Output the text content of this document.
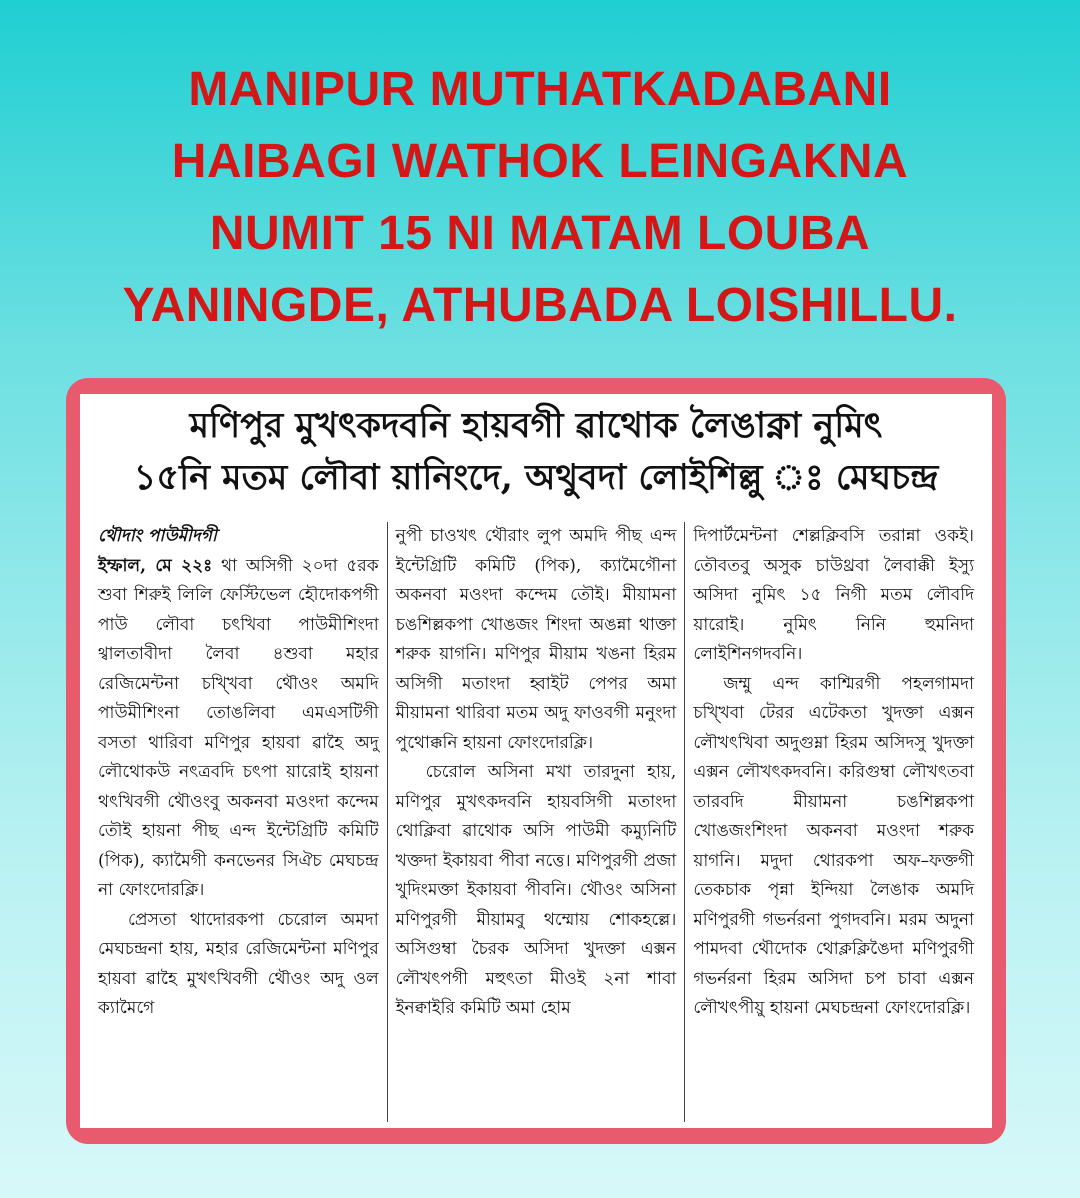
MANIPUR MUTHATKADABANI
HAIBAGI WATHOK LEINGAKNA
NUMIT 15 NI MATAM LOUBA
YANINGDE, ATHUBADA LOISHILLU.
মণিপুর মুখৎকদবনি হায়বগী ৱাথোক লৈঙাক্না নুমিৎ
১৫নি মতম লৌবা য়ানিংদে, অথুবদা লোইশিল্লু ঃ মেঘচন্দ্র
থৌদাং পাউমীদগী
ইম্ফাল, মে ২২ঃ থা অসিগী ২০দা ৫রক শুবা শিরুই লিলি ফেস্টিভেল হৌদোকপগী পাউ লৌবা চৎখিবা পাউমীশিংদা থ্বালতাবীদা লৈবা ৪শুবা মহার রেজিমেন্টনা চখ্খিবা থৌওং অমদি পাউমীশিংনা তোঙলিবা এমএসটিগী বসতা থারিবা মণিপুর হায়বা ৱাহৈ অদু লৌথোকউ নৎত্রবদি চৎপা য়ারোই হায়না থৎখিবগী থৌওংবু অকনবা মওংদা কন্দেম তৌই হায়না পীছ এন্দ ইন্টেগ্রিটি কমিটি (পিক), ক্যামৈগী কনভেনর সিঐচ মেঘচন্দ্র না ফোংদোরক্লি।
প্রেসতা থাদোরকপা চেরোল অমদা মেঘচন্দ্রনা হায়, মহার রেজিমেন্টনা মণিপুর হায়বা ৱাহৈ মুখৎখিবগী থৌওং অদু ওল ক্যামৈগে
নুপী চাওখৎ থৌরাং লুপ অমদি পীছ এন্দ ইন্টেগ্রিটি কমিটি (পিক), ক্যামৈগৌনা অকনবা মওংদা কন্দেম তৌই। মীয়ামনা চঙশিল্লকপা খোঙজং শিংদা অঙন্না থাক্তা শরুক য়াগনি। মণিপুর মীয়াম খঙনা হিরম অসিগী মতাংদা হ্বাইট পেপর অমা মীয়ামনা থারিবা মতম অদু ফাওবগী মনুংদা পুথোক্কনি হায়না ফোংদোরক্লি।
চেরোল অসিনা মখা তারদুনা হায়, মণিপুর মুখৎকদবনি হায়বসিগী মতাংদা থোক্লিবা ৱাথোক অসি পাউমী কম্যুনিটি খক্তদা ইকায়বা পীবা নত্তে। মণিপুরগী প্রজা খুদিংমক্তা ইকায়বা পীবনি। থৌওং অসিনা মণিপুরগী মীয়ামবু থম্মোয় শোকহল্লে। অসিগুম্বা চৈরক অসিদা খুদক্তা এক্সন লৌখৎপগী মহুৎতা মীওই ২না শাবা ইনক্বাইরি কমিটি অমা হোম
দিপার্টমেন্টনা শেল্লক্লিবসি তরান্না ওকই। তৌবতবু অসুক চাউথ্রবা লৈবাক্কী ইস্যু অসিদা নুমিৎ ১৫ নিগী মতম লৌবদি য়ারোই। নুমিৎ নিনি হুমনিদা লোইশিনগদবনি।
জম্মু এন্দ কাশ্মিরগী পহলগামদা চখ্খিবা টেরর এটেকতা খুদক্তা এক্সন লৌখৎখিবা অদুগুম্না হিরম অসিদসু খুদক্তা এক্সন লৌখৎকদবনি। করিগুম্বা লৌখৎতবা তারবদি মীয়ামনা চঙশিল্লকপা খোঙজংশিংদা অকনবা মওংদা শরুক য়াগনি। মদুদা থোরকপা অফ–ফক্তগী তেকচাক পৃন্না ইন্দিয়া লৈঙাক অমদি মণিপুরগী গভর্নরনা পুগদবনি। মরম অদুনা পামদবা থৌদোক থোক্লক্লিঙৈদা মণিপুরগী গভর্নরনা হিরম অসিদা চপ চাবা এক্সন লৌখৎপীয়ু হায়না মেঘচন্দ্রনা ফোংদোরক্লি।
